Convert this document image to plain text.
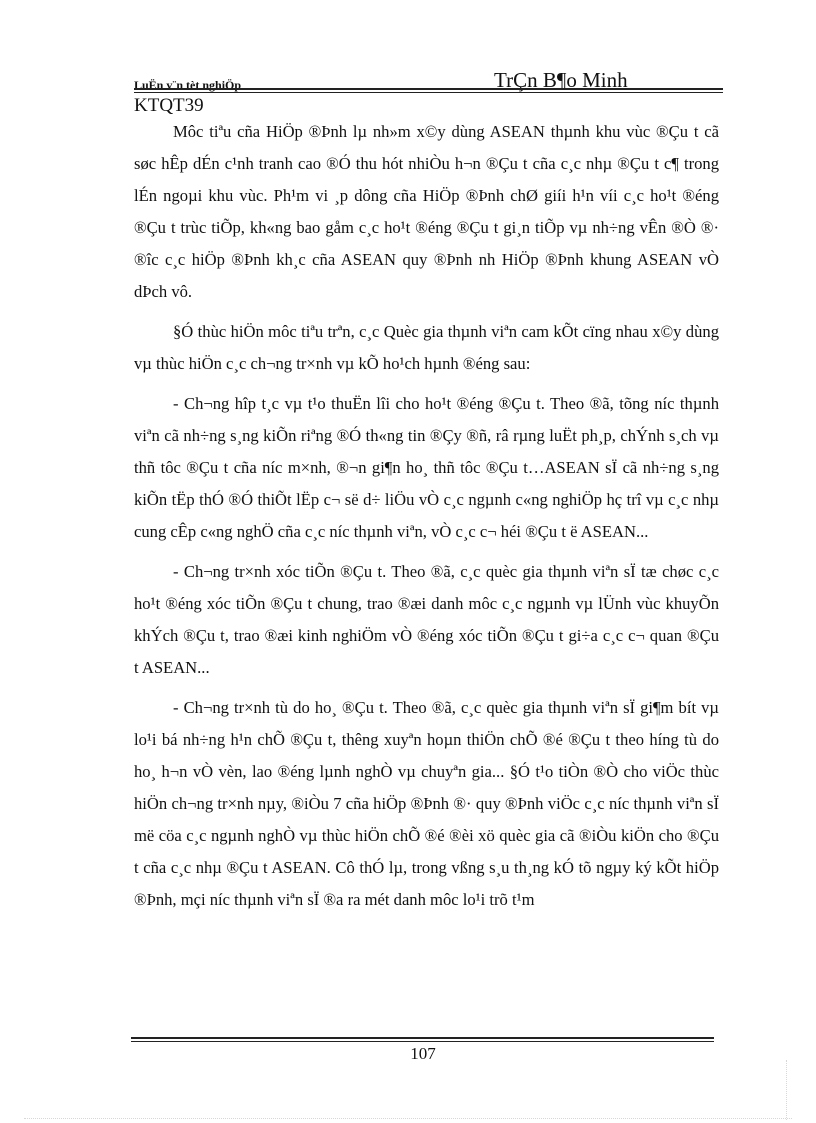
LuËn v¨n tèt nghiÖp	TrÇn B¶o Minh
KTQT39

Môc tiªu cña HiÖp ®Þnh lµ nh»m x©y dùng ASEAN thµnh khu vùc ®Çu t cã søc hÊp dÉn c¹nh tranh cao ®Ó thu hót nhiÒu h¬n ®Çu t cña c¸c nhµ ®Çu t c¶ trong lÉn ngoµi khu vùc. Ph¹m vi ¸p dông cña HiÖp ®Þnh chØ giíi h¹n víi c¸c ho¹t ®éng ®Çu t trùc tiÕp, kh«ng bao gåm c¸c ho¹t ®éng ®Çu t gi¸n tiÕp vµ nh÷ng vÊn ®Ò ®· ®îc c¸c hiÖp ®Þnh kh¸c cña ASEAN quy ®Þnh nh HiÖp ®Þnh khung ASEAN vÒ dÞch vô.

§Ó thùc hiÖn môc tiªu trªn, c¸c Quèc gia thµnh viªn cam kÕt cïng nhau x©y dùng vµ thùc hiÖn c¸c ch¬ng tr×nh vµ kÕ ho¹ch hµnh ®éng sau:

- Ch¬ng hîp t¸c vµ t¹o thuËn lîi cho ho¹t ®éng ®Çu t. Theo ®ã, tõng níc thµnh viªn cã nh÷ng s¸ng kiÕn riªng ®Ó th«ng tin ®Çy ®ñ, râ rµng luËt ph¸p, chÝnh s¸ch vµ thñ tôc ®Çu t cña níc m×nh, ®¬n gi¶n ho¸ thñ tôc ®Çu t…ASEAN sÏ cã nh÷ng s¸ng kiÕn tËp thÓ ®Ó thiÕt lËp c¬ së d÷ liÖu vÒ c¸c ngµnh c«ng nghiÖp hç trî vµ c¸c nhµ cung cÊp c«ng nghÖ cña c¸c níc thµnh viªn, vÒ c¸c c¬ héi ®Çu t ë ASEAN...

- Ch¬ng tr×nh xóc tiÕn ®Çu t. Theo ®ã, c¸c quèc gia thµnh viªn sÏ tæ chøc c¸c ho¹t ®éng xóc tiÕn ®Çu t chung, trao ®æi danh môc c¸c ngµnh vµ lÜnh vùc khuyÕn khÝch ®Çu t, trao ®æi kinh nghiÖm vÒ ®éng xóc tiÕn ®Çu t gi÷a c¸c c¬ quan ®Çu t ASEAN...

- Ch¬ng tr×nh tù do ho¸ ®Çu t. Theo ®ã, c¸c quèc gia thµnh viªn sÏ gi¶m bít vµ lo¹i bá nh÷ng h¹n chÕ ®Çu t, thêng xuyªn hoµn thiÖn chÕ ®é ®Çu t theo híng tù do ho¸ h¬n vÒ vèn, lao ®éng lµnh nghÒ vµ chuyªn gia... §Ó t¹o tiÒn ®Ò cho viÖc thùc hiÖn ch¬ng tr×nh nµy, ®iÒu 7 cña hiÖp ®Þnh ®· quy ®Þnh viÖc c¸c níc thµnh viªn sÏ më cöa c¸c ngµnh nghÒ vµ thùc hiÖn chÕ ®é ®èi xö quèc gia cã ®iÒu kiÖn cho ®Çu t cña c¸c nhµ ®Çu t ASEAN. Cô thÓ lµ, trong vßng s¸u th¸ng kÓ tõ ngµy ký kÕt hiÖp ®Þnh, mçi níc thµnh viªn sÏ ®a ra mét danh môc lo¹i trõ t¹m

107
